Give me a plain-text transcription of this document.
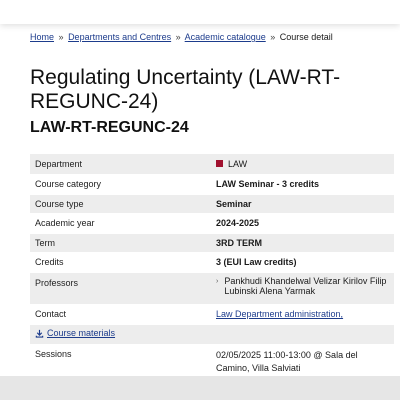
Home » Departments and Centres » Academic catalogue » Course detail
Regulating Uncertainty (LAW-RT-REGUNC-24)
LAW-RT-REGUNC-24
Department	LAW
Course category	LAW Seminar - 3 credits
Course type	Seminar
Academic year	2024-2025
Term	3RD TERM
Credits	3 (EUI Law credits)
Professors	› Pankhudi Khandelwal Velizar Kirilov Filip Lubinski Alena Yarmak

Contact	Law Department administration,
Course materials	
Sessions	02/05/2025 11:00-13:00 @ Sala del
Camino, Villa Salviati
